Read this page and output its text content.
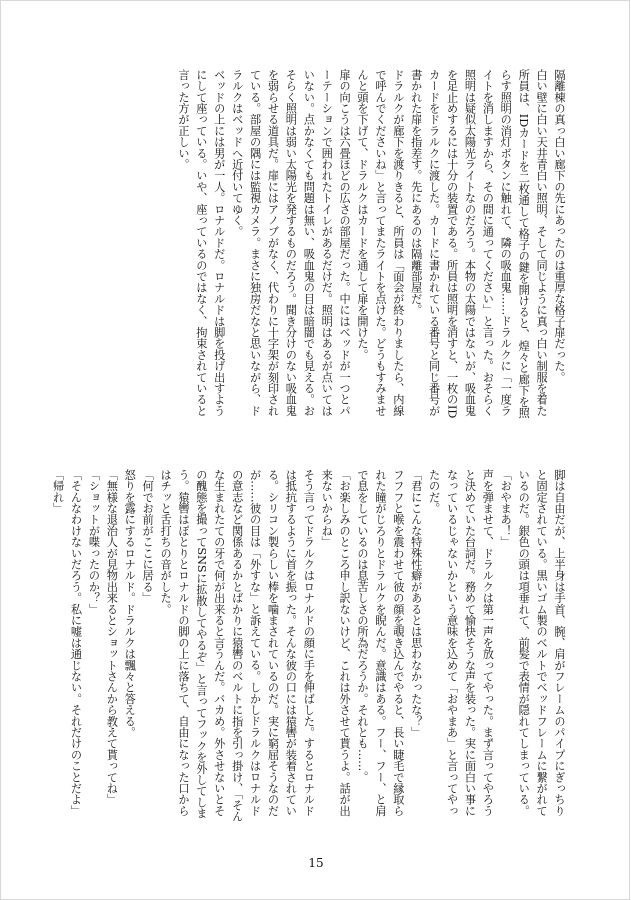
隔離棟の真っ白い廊下の先にあったのは重厚な格子扉だった。

白い壁に白い天井青白い照明、そして同じように真っ白い制服を着た所員は、IDカードを二枚通して格子の鍵を開けると、煌々と廊下を照らす照明の消灯ボタンに触れて、隣の吸血鬼……ドラルクに「一度ライトを消しますから、その間に通ってください」と言った。おそらく照明は疑似太陽光ライトなのだろう。本物の太陽ではないが、吸血鬼を足止めするには十分の装置である。所員は照明を消すと、一枚のIDカードをドラルクに渡した。カードに書かれている番号と同じ番号が書かれた扉を指差す。先にあるのは隔離部屋だ。

ドラルクが廊下を渡りきると、所員は「面会が終わりましたら、内線で呼んでくださいね」と言ってまたライトを点けた。どうもすみませんと頭を下げて、ドラルクはカードを通して扉を開けた。

扉の向こうは六畳ほどの広さの部屋だった。中にはベッドが一つとパーテーションで囲われたトイレがあるだけだ。照明はあるが点いてはいない。点かなくても問題は無い、吸血鬼の目は暗闇でも見える。おそらく照明は弱い太陽光を発するものだろう。聞き分けのない吸血鬼を弱らせる道具だ。扉にはアノブがなく、代わりに十字架が刻印されている。部屋の隅には監視カメラ。まさに独房だなと思いながら、ドラルクはベッドへ近付いてゆく。

ベッドの上には男が一人。ロナルドだ。ロナルドは脚を投げ出すようにして座っている。いや、座っているのではなく、拘束されていると言った方が正しい。

脚は自由だが、上半身は手首、腕、肩がフレームのパイプにぎっちりと固定されている。黒いゴム製のベルトでベッドフレームに繋がれているのだ。銀色の頭は項垂れて、前髪で表情が隠れてしまっている。

「おやまあ！」

声を弾ませて、ドラルクは第一声を放ってやった。まず言ってやろうと決めていた台詞だ。務めて愉快そうな声を装った。実に面白い事になっているじゃないかという意味を込めて「おやまあ」と言ってやったのだ。

「君にこんな特殊性癖があるとは思わなかったな？」

フフフと喉を震わせて彼の顔を覗き込んでやると、長い睫毛で縁取られた瞳がじろりとドラルクを睨んだ。意識はある。フー、フー、と肩で息をしているのは息苦しさの所為だろうか。それとも……。

「お楽しみのところ申し訳ないけど、これは外させて貰うよ。話が出来ないからね」

そう言ってドラルクはロナルドの顔に手を伸ばした。するとロナルドは抵抗するように首を振った。そんな彼の口には猿轡が装着されている。シリコン製らしい棒を噛まされているのだ。実に窮屈そうなのだが……彼の目は「外すな」と訴えている。しかしドラルクはロナルドの意志など関係あるかとばかりに猿轡のベルトに指を引っ掛け、「そんな生まれたての牙で何が出来ると言うんだ。バカめ。外させないとその醜態を撮ってSNSに拡散してやるぞ」と言ってフックを外してしまう。猿轡はぽとりとロナルドの脚の上に落ちて、自由になった口からはチッと舌打ちの音がした。

「何でお前がここに居る」

怒りを露にするロナルド。ドラルクは飄々と答える。

「無様な退治人が見物出来るとショットさんから教えて貰ってね」

「ショットが喋ったのか？」

「そんなわけないだろう。私に嘘は通じない。それだけのことだよ」

「帰れ」

15
